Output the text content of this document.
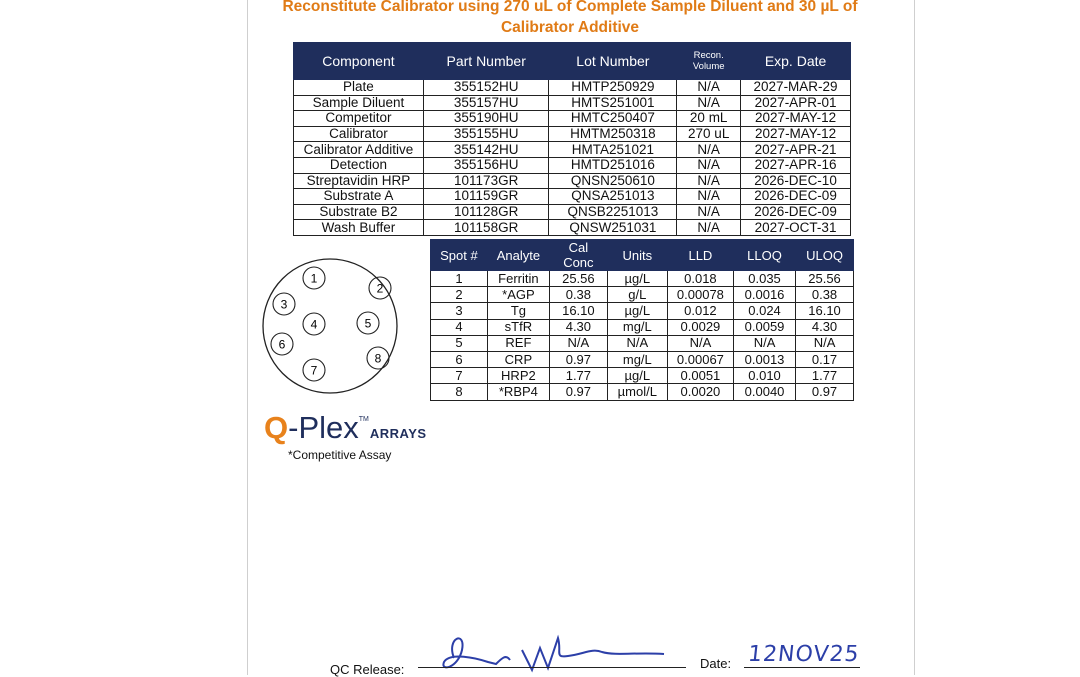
Reconstitute Calibrator using 270 uL of Complete Sample Diluent and 30 µL of
Calibrator Additive
Component	Part Number	Lot Number	Recon. Volume	Exp. Date
Plate	355152HU	HMTP250929	N/A	2027-MAR-29
Sample Diluent	355157HU	HMTS251001	N/A	2027-APR-01
Competitor	355190HU	HMTC250407	20 mL	2027-MAY-12
Calibrator	355155HU	HMTM250318	270 uL	2027-MAY-12
Calibrator Additive	355142HU	HMTA251021	N/A	2027-APR-21
Detection	355156HU	HMTD251016	N/A	2027-APR-16
Streptavidin HRP	101173GR	QNSN250610	N/A	2026-DEC-10
Substrate A	101159GR	QNSA251013	N/A	2026-DEC-09
Substrate B2	101128GR	QNSB2251013	N/A	2026-DEC-09
Wash Buffer	101158GR	QNSW251031	N/A	2027-OCT-31
Spot #	Analyte	Cal Conc	Units	LLD	LLOQ	ULOQ
1	Ferritin	25.56	µg/L	0.018	0.035	25.56
2	*AGP	0.38	g/L	0.00078	0.0016	0.38
3	Tg	16.10	µg/L	0.012	0.024	16.10
4	sTfR	4.30	mg/L	0.0029	0.0059	4.30
5	REF	N/A	N/A	N/A	N/A	N/A
6	CRP	0.97	mg/L	0.00067	0.0013	0.17
7	HRP2	1.77	µg/L	0.0051	0.010	1.77
8	*RBP4	0.97	µmol/L	0.0020	0.0040	0.97
1
2
3
4	5
6
7
8
Q-Plex™ARRAYS
*Competitive Assay
QC Release:	Date: 12NOV25
